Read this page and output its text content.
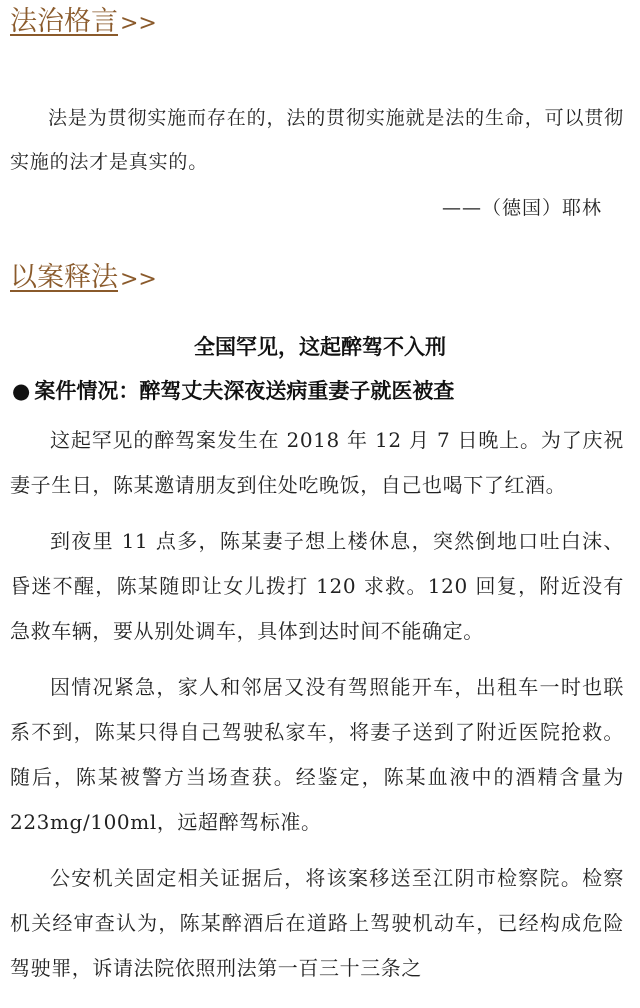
法治格言>>

法是为贯彻实施而存在的，法的贯彻实施就是法的生命，可以贯彻实施的法才是真实的。

——（德国）耶林
以案释法>>
全国罕见，这起醉驾不入刑
● 案件情况：醉驾丈夫深夜送病重妻子就医被查

这起罕见的醉驾案发生在 2018 年 12 月 7 日晚上。为了庆祝妻子生日，陈某邀请朋友到住处吃晚饭，自己也喝下了红酒。

到夜里 11 点多，陈某妻子想上楼休息，突然倒地口吐白沫、昏迷不醒，陈某随即让女儿拨打 120 求救。120 回复，附近没有急救车辆，要从别处调车，具体到达时间不能确定。

因情况紧急，家人和邻居又没有驾照能开车，出租车一时也联系不到，陈某只得自己驾驶私家车，将妻子送到了附近医院抢救。随后，陈某被警方当场查获。经鉴定，陈某血液中的酒精含量为 223mg/100ml，远超醉驾标准。

公安机关固定相关证据后，将该案移送至江阴市检察院。检察机关经审查认为，陈某醉酒后在道路上驾驶机动车，已经构成危险驾驶罪，诉请法院依照刑法第一百三十三条之
